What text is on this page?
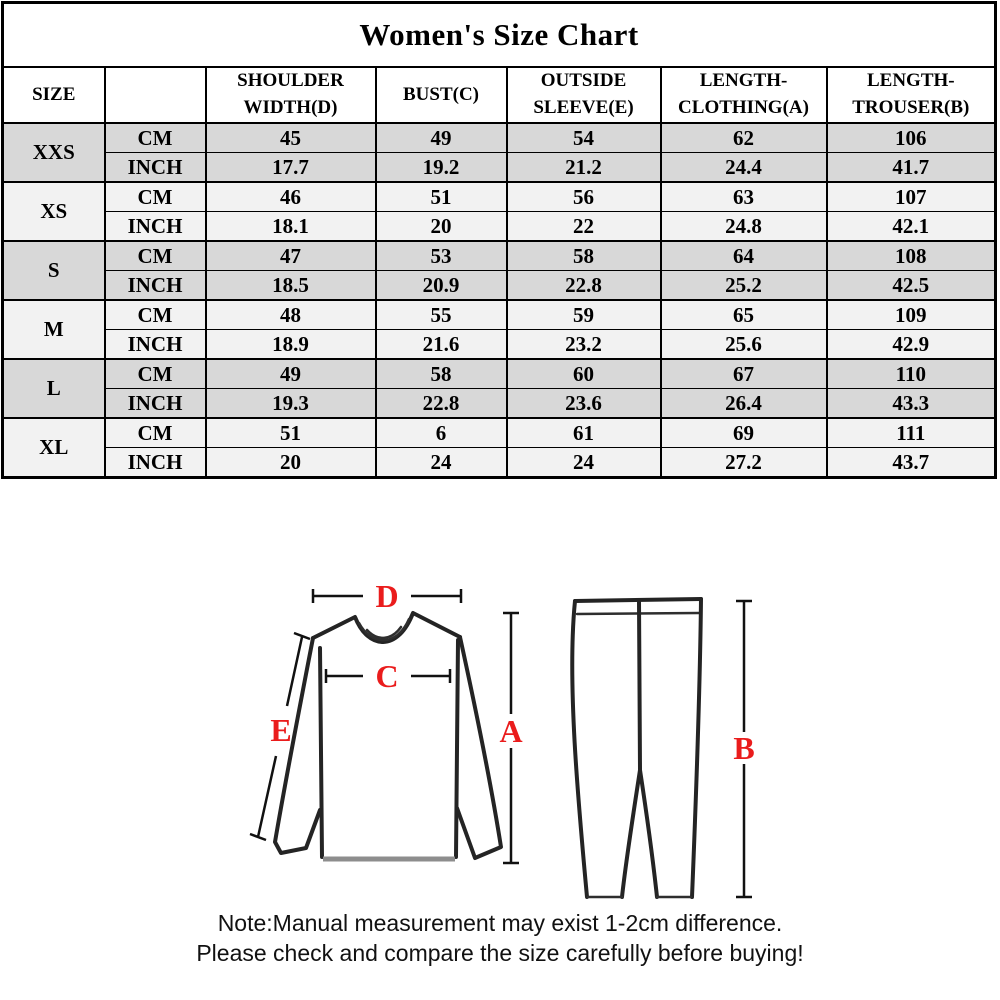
Women's Size Chart						
SIZE		SHOULDER WIDTH(D)	BUST(C)	OUTSIDE SLEEVE(E)	LENGTH-CLOTHING(A)	LENGTH-TROUSER(B)
XXS	CM	45	49	54	62	106
	INCH	17.7	19.2	21.2	24.4	41.7
XS	CM	46	51	56	63	107
	INCH	18.1	20	22	24.8	42.1
S	CM	47	53	58	64	108
	INCH	18.5	20.9	22.8	25.2	42.5
M	CM	48	55	59	65	109
	INCH	18.9	21.6	23.2	25.6	42.9
L	CM	49	58	60	67	110
	INCH	19.3	22.8	23.6	26.4	43.3
XL	CM	51	6	61	69	111
	INCH	20	24	24	27.2	43.7
D
C
E	A	B
Note:Manual measurement may exist 1-2cm difference.
Please check and compare the size carefully before buying!
